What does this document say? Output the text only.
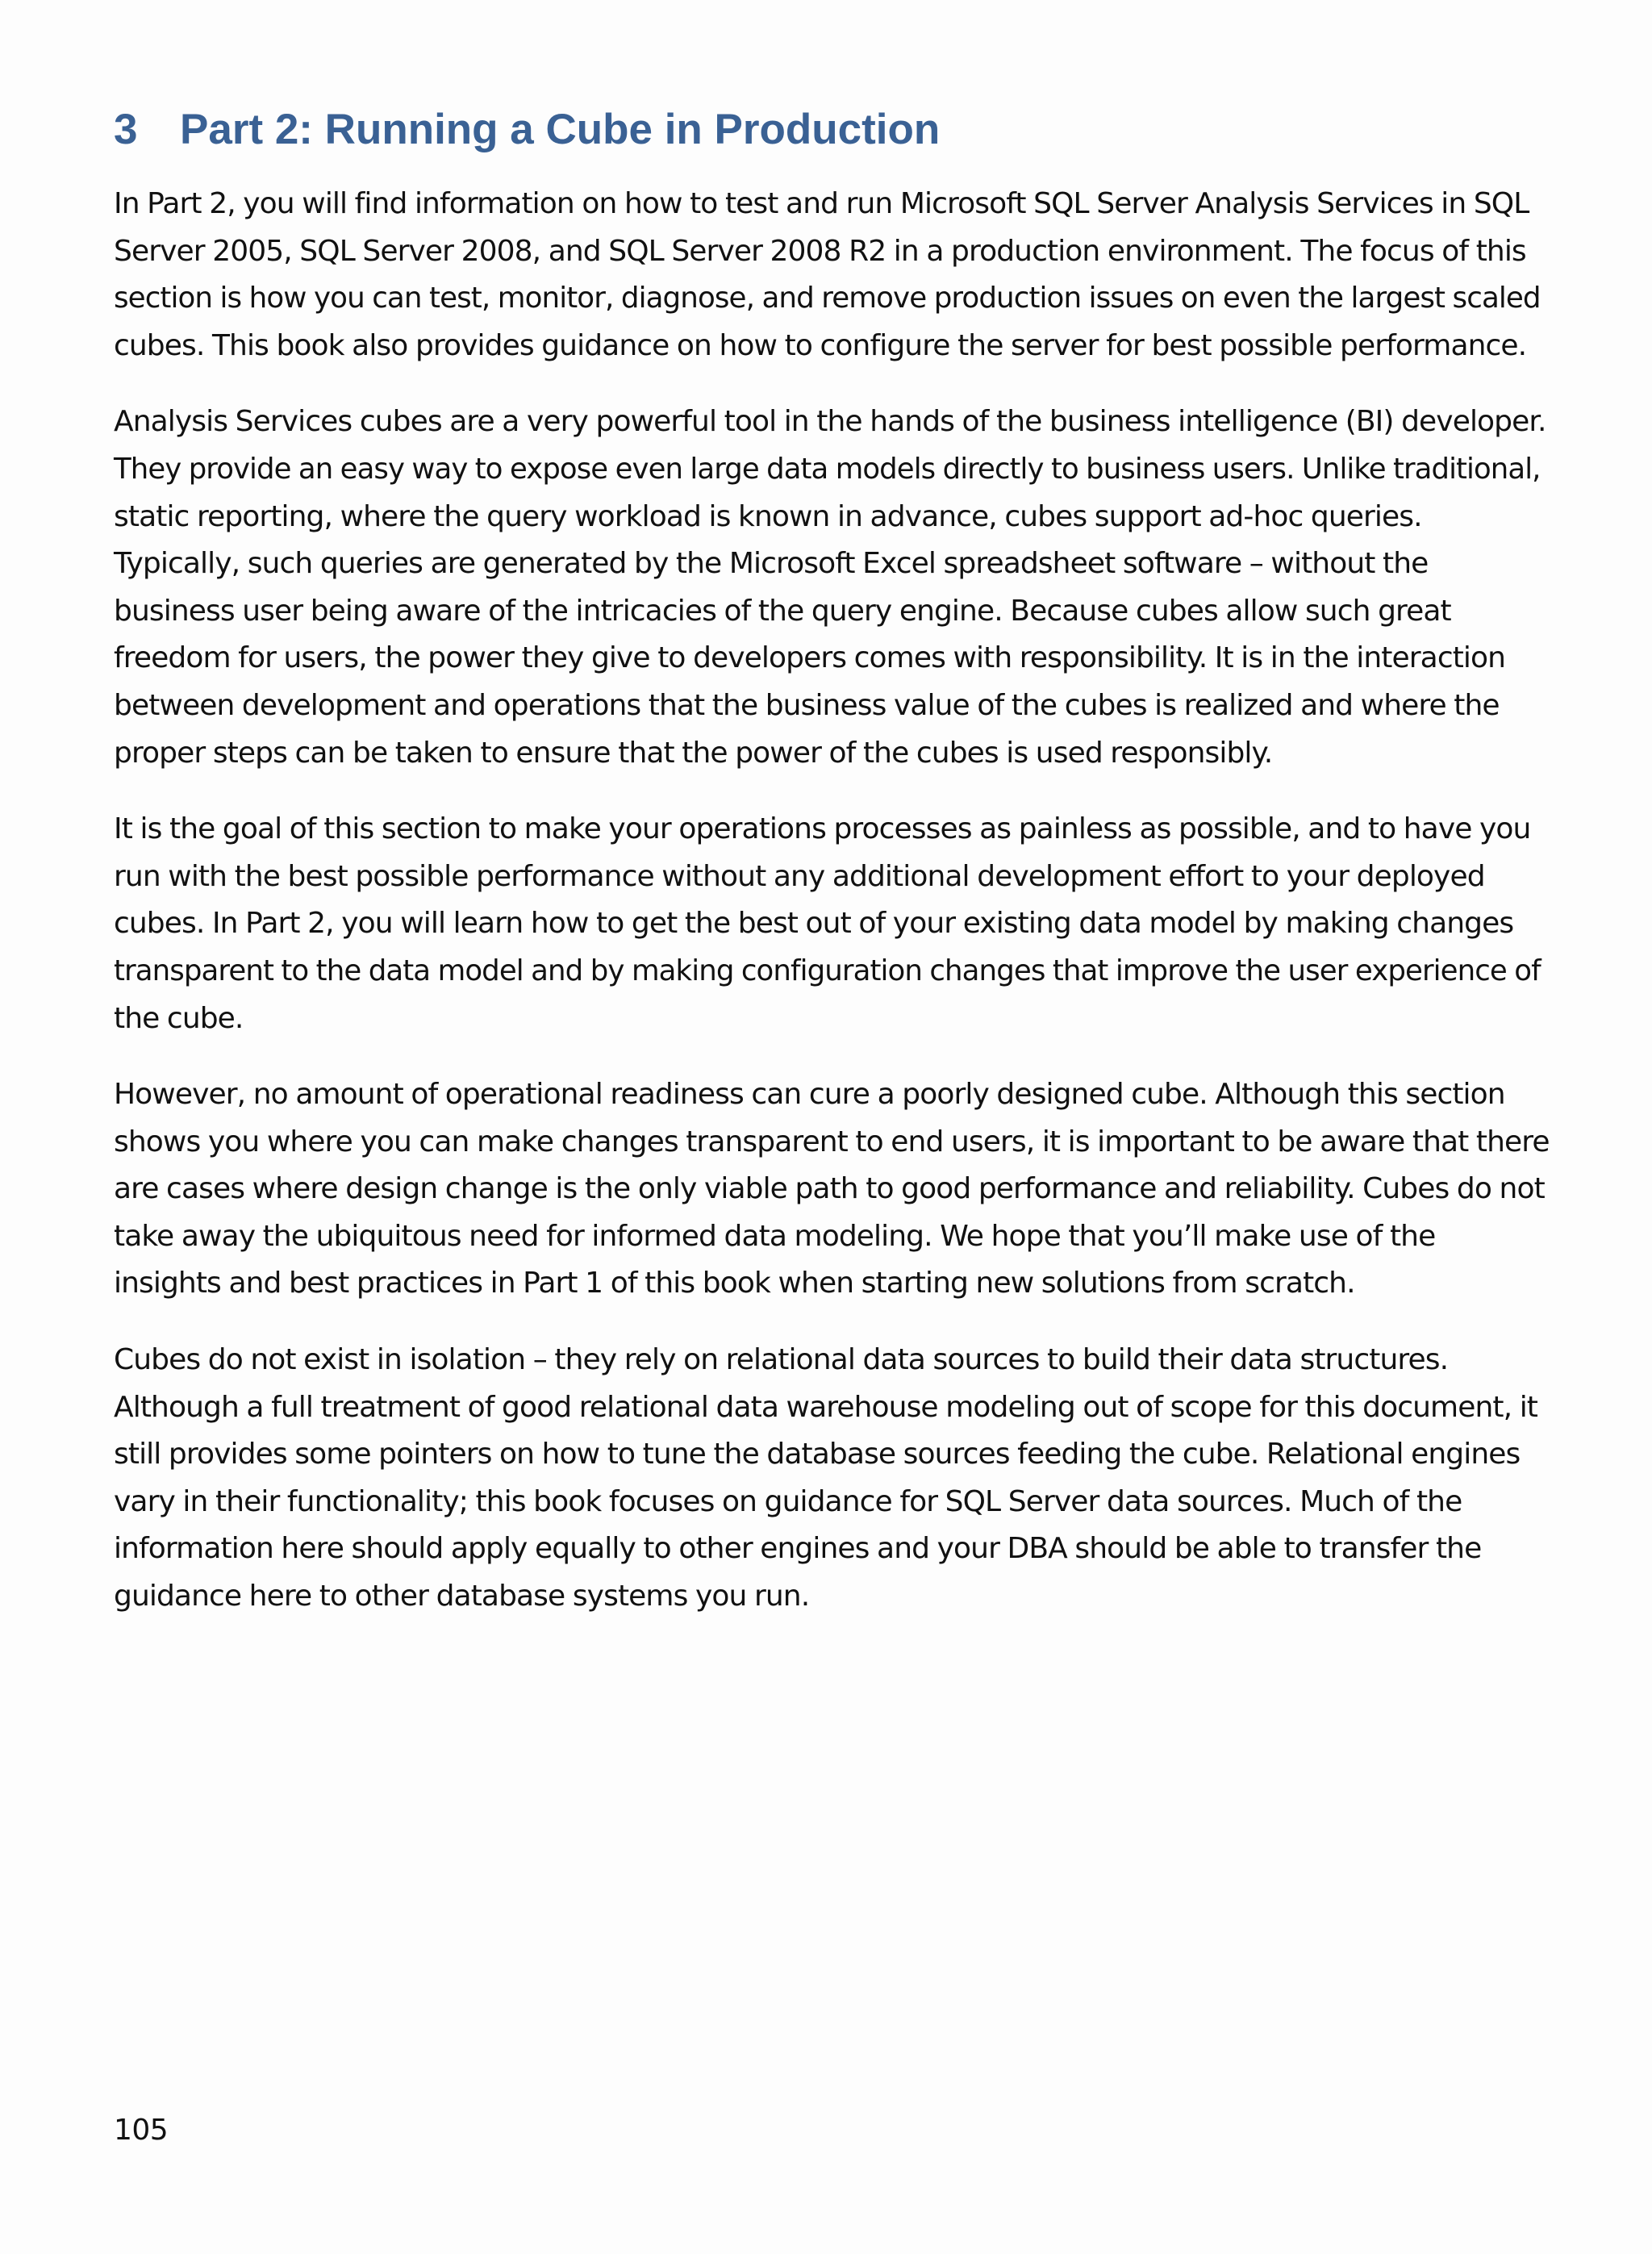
3 Part 2: Running a Cube in Production

In Part 2, you will find information on how to test and run Microsoft SQL Server Analysis Services in SQL
Server 2005, SQL Server 2008, and SQL Server 2008 R2 in a production environment. The focus of this
section is how you can test, monitor, diagnose, and remove production issues on even the largest scaled
cubes. This book also provides guidance on how to configure the server for best possible performance.

Analysis Services cubes are a very powerful tool in the hands of the business intelligence (BI) developer.
They provide an easy way to expose even large data models directly to business users. Unlike traditional,
static reporting, where the query workload is known in advance, cubes support ad-hoc queries.
Typically, such queries are generated by the Microsoft Excel spreadsheet software – without the
business user being aware of the intricacies of the query engine. Because cubes allow such great
freedom for users, the power they give to developers comes with responsibility. It is in the interaction
between development and operations that the business value of the cubes is realized and where the
proper steps can be taken to ensure that the power of the cubes is used responsibly.

It is the goal of this section to make your operations processes as painless as possible, and to have you
run with the best possible performance without any additional development effort to your deployed
cubes. In Part 2, you will learn how to get the best out of your existing data model by making changes
transparent to the data model and by making configuration changes that improve the user experience of
the cube.

However, no amount of operational readiness can cure a poorly designed cube. Although this section
shows you where you can make changes transparent to end users, it is important to be aware that there
are cases where design change is the only viable path to good performance and reliability. Cubes do not
take away the ubiquitous need for informed data modeling. We hope that you’ll make use of the
insights and best practices in Part 1 of this book when starting new solutions from scratch.

Cubes do not exist in isolation – they rely on relational data sources to build their data structures.
Although a full treatment of good relational data warehouse modeling out of scope for this document, it
still provides some pointers on how to tune the database sources feeding the cube. Relational engines
vary in their functionality; this book focuses on guidance for SQL Server data sources. Much of the
information here should apply equally to other engines and your DBA should be able to transfer the
guidance here to other database systems you run.

105
